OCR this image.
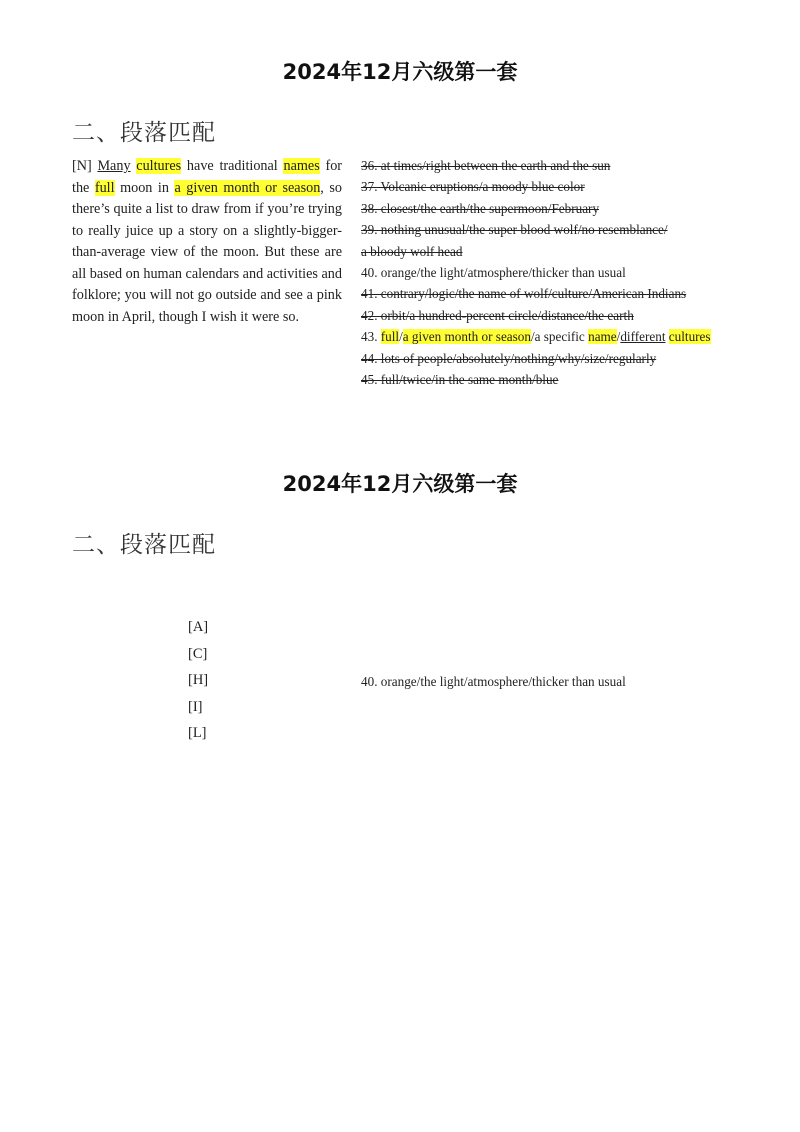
2024年12月六级第一套
二、段落匹配
[N] Many cultures have traditional names for the full moon in a given month or season, so there’s quite a list to draw from if you’re trying to really juice up a story on a slightly-bigger-than-average view of the moon. But these are all based on human calendars and activities and folklore; you will not go outside and see a pink moon in April, though I wish it were so.
36. at times/right between the earth and the sun
37. Volcanic eruptions/a moody blue color
38. closest/the earth/the supermoon/February
39. nothing unusual/the super blood wolf/no resemblance/
a bloody wolf head
40. orange/the light/atmosphere/thicker than usual
41. contrary/logic/the name of wolf/culture/American Indians
42. orbit/a hundred-percent circle/distance/the earth
43. full/a given month or season/a specific name/different cultures
44. lots of people/absolutely/nothing/why/size/regularly
45. full/twice/in the same month/blue
2024年12月六级第一套
二、段落匹配
[A]
[C]
[H]
[I]
[L]
40. orange/the light/atmosphere/thicker than usual
